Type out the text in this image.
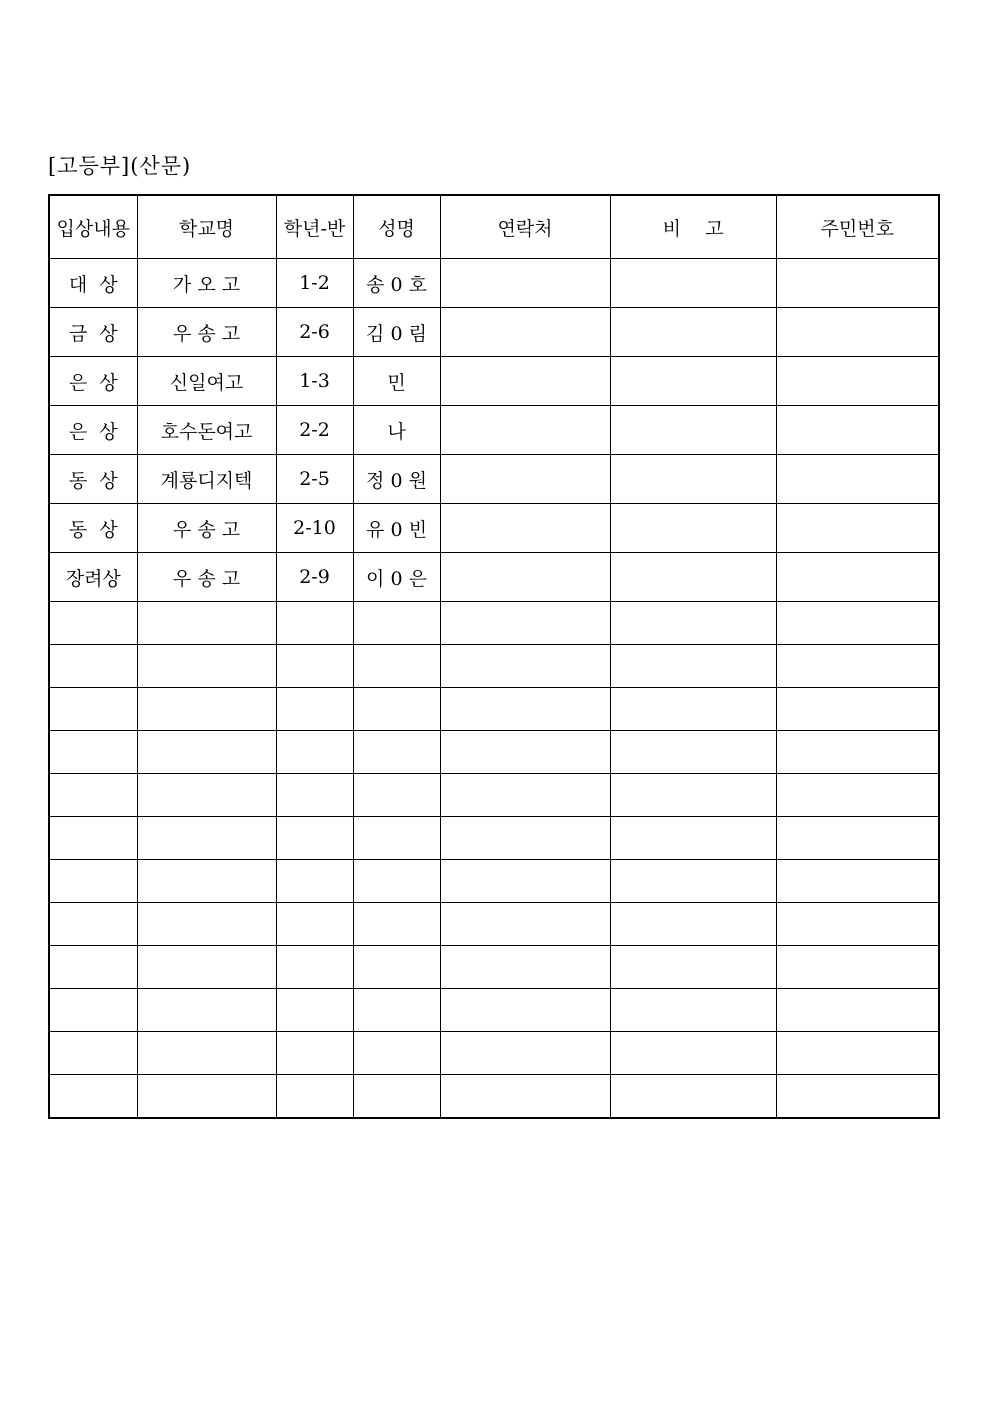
[고등부](산문)
입상내용	학교명	학년-반	성명	연락처	비    고	주민번호
대  상	가 오 고	1-2	송 0 호			
금  상	우 송 고	2-6	김 0 림			
은  상	신일여고	1-3	민			
은  상	호수돈여고	2-2	나			
동  상	계룡디지텍	2-5	정 0 원			
동  상	우 송 고	2-10	유 0 빈			
장려상	우 송 고	2-9	이 0 은			
